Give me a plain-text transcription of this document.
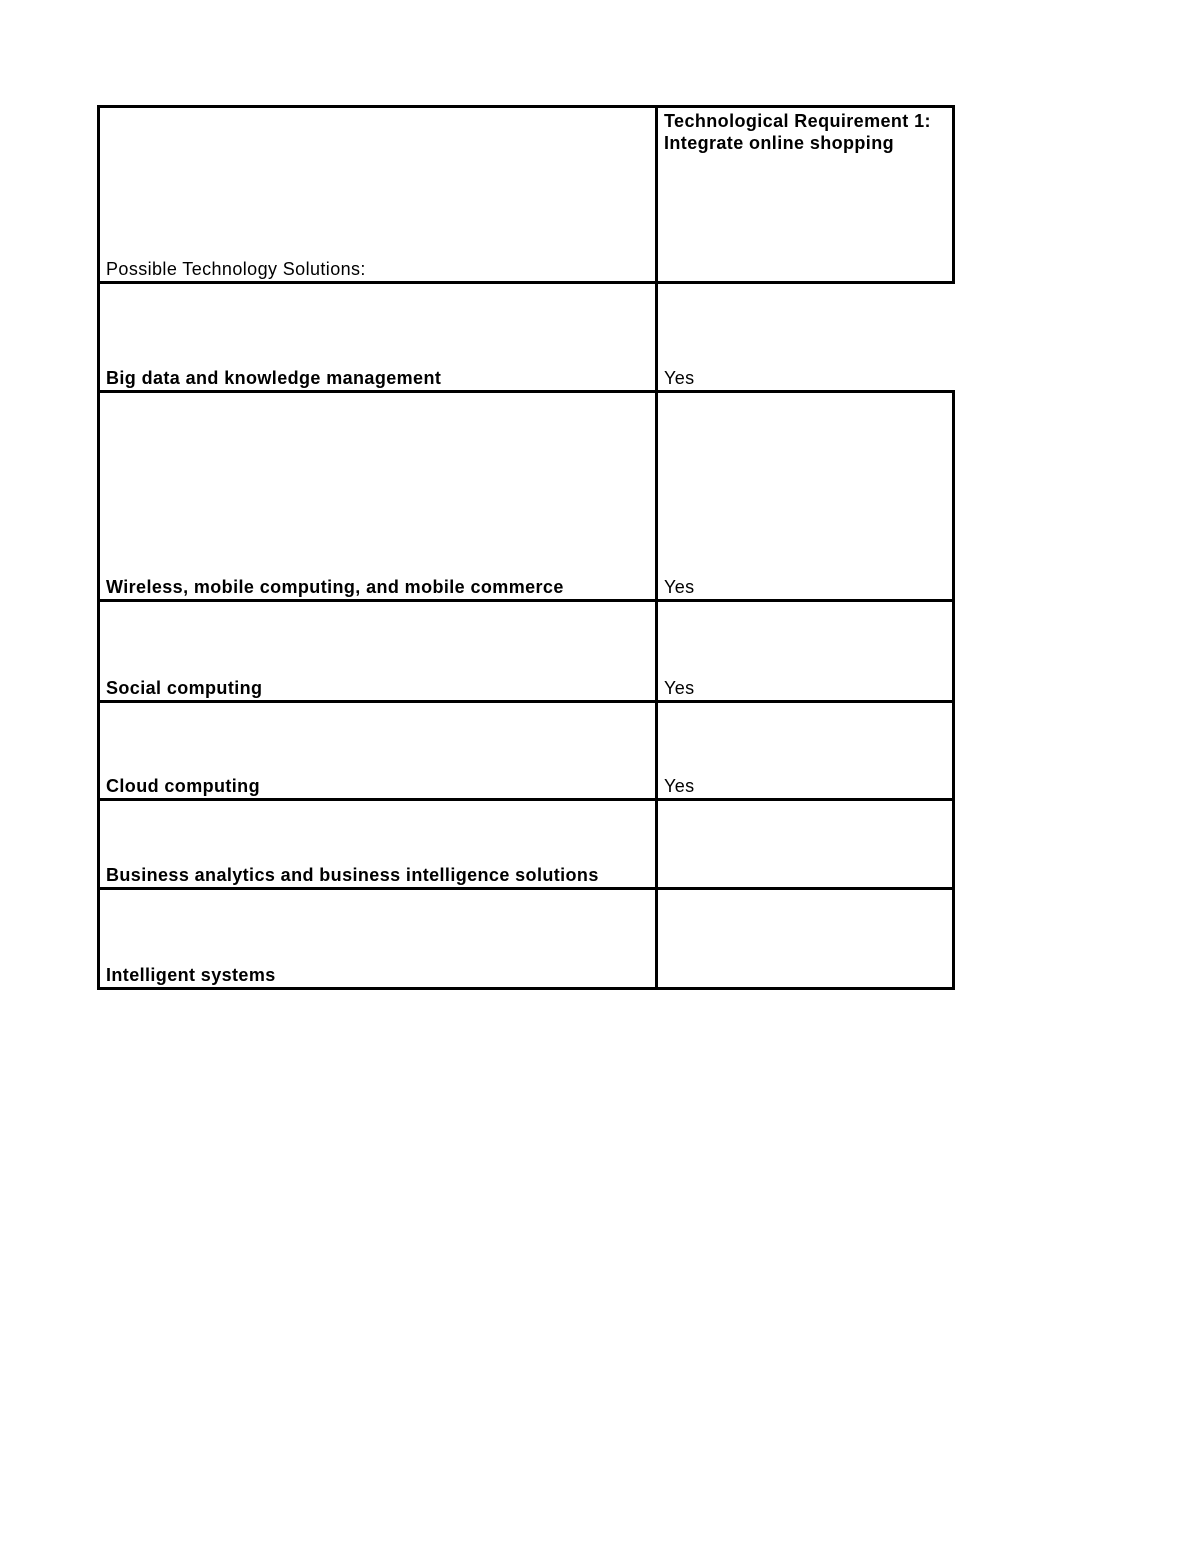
Possible Technology Solutions:	Technological Requirement 1: Integrate online shopping

Big data and knowledge management	Yes

Wireless, mobile computing, and mobile commerce	Yes

Social computing	Yes

Cloud computing	Yes

Business analytics and business intelligence solutions	

Intelligent systems	
